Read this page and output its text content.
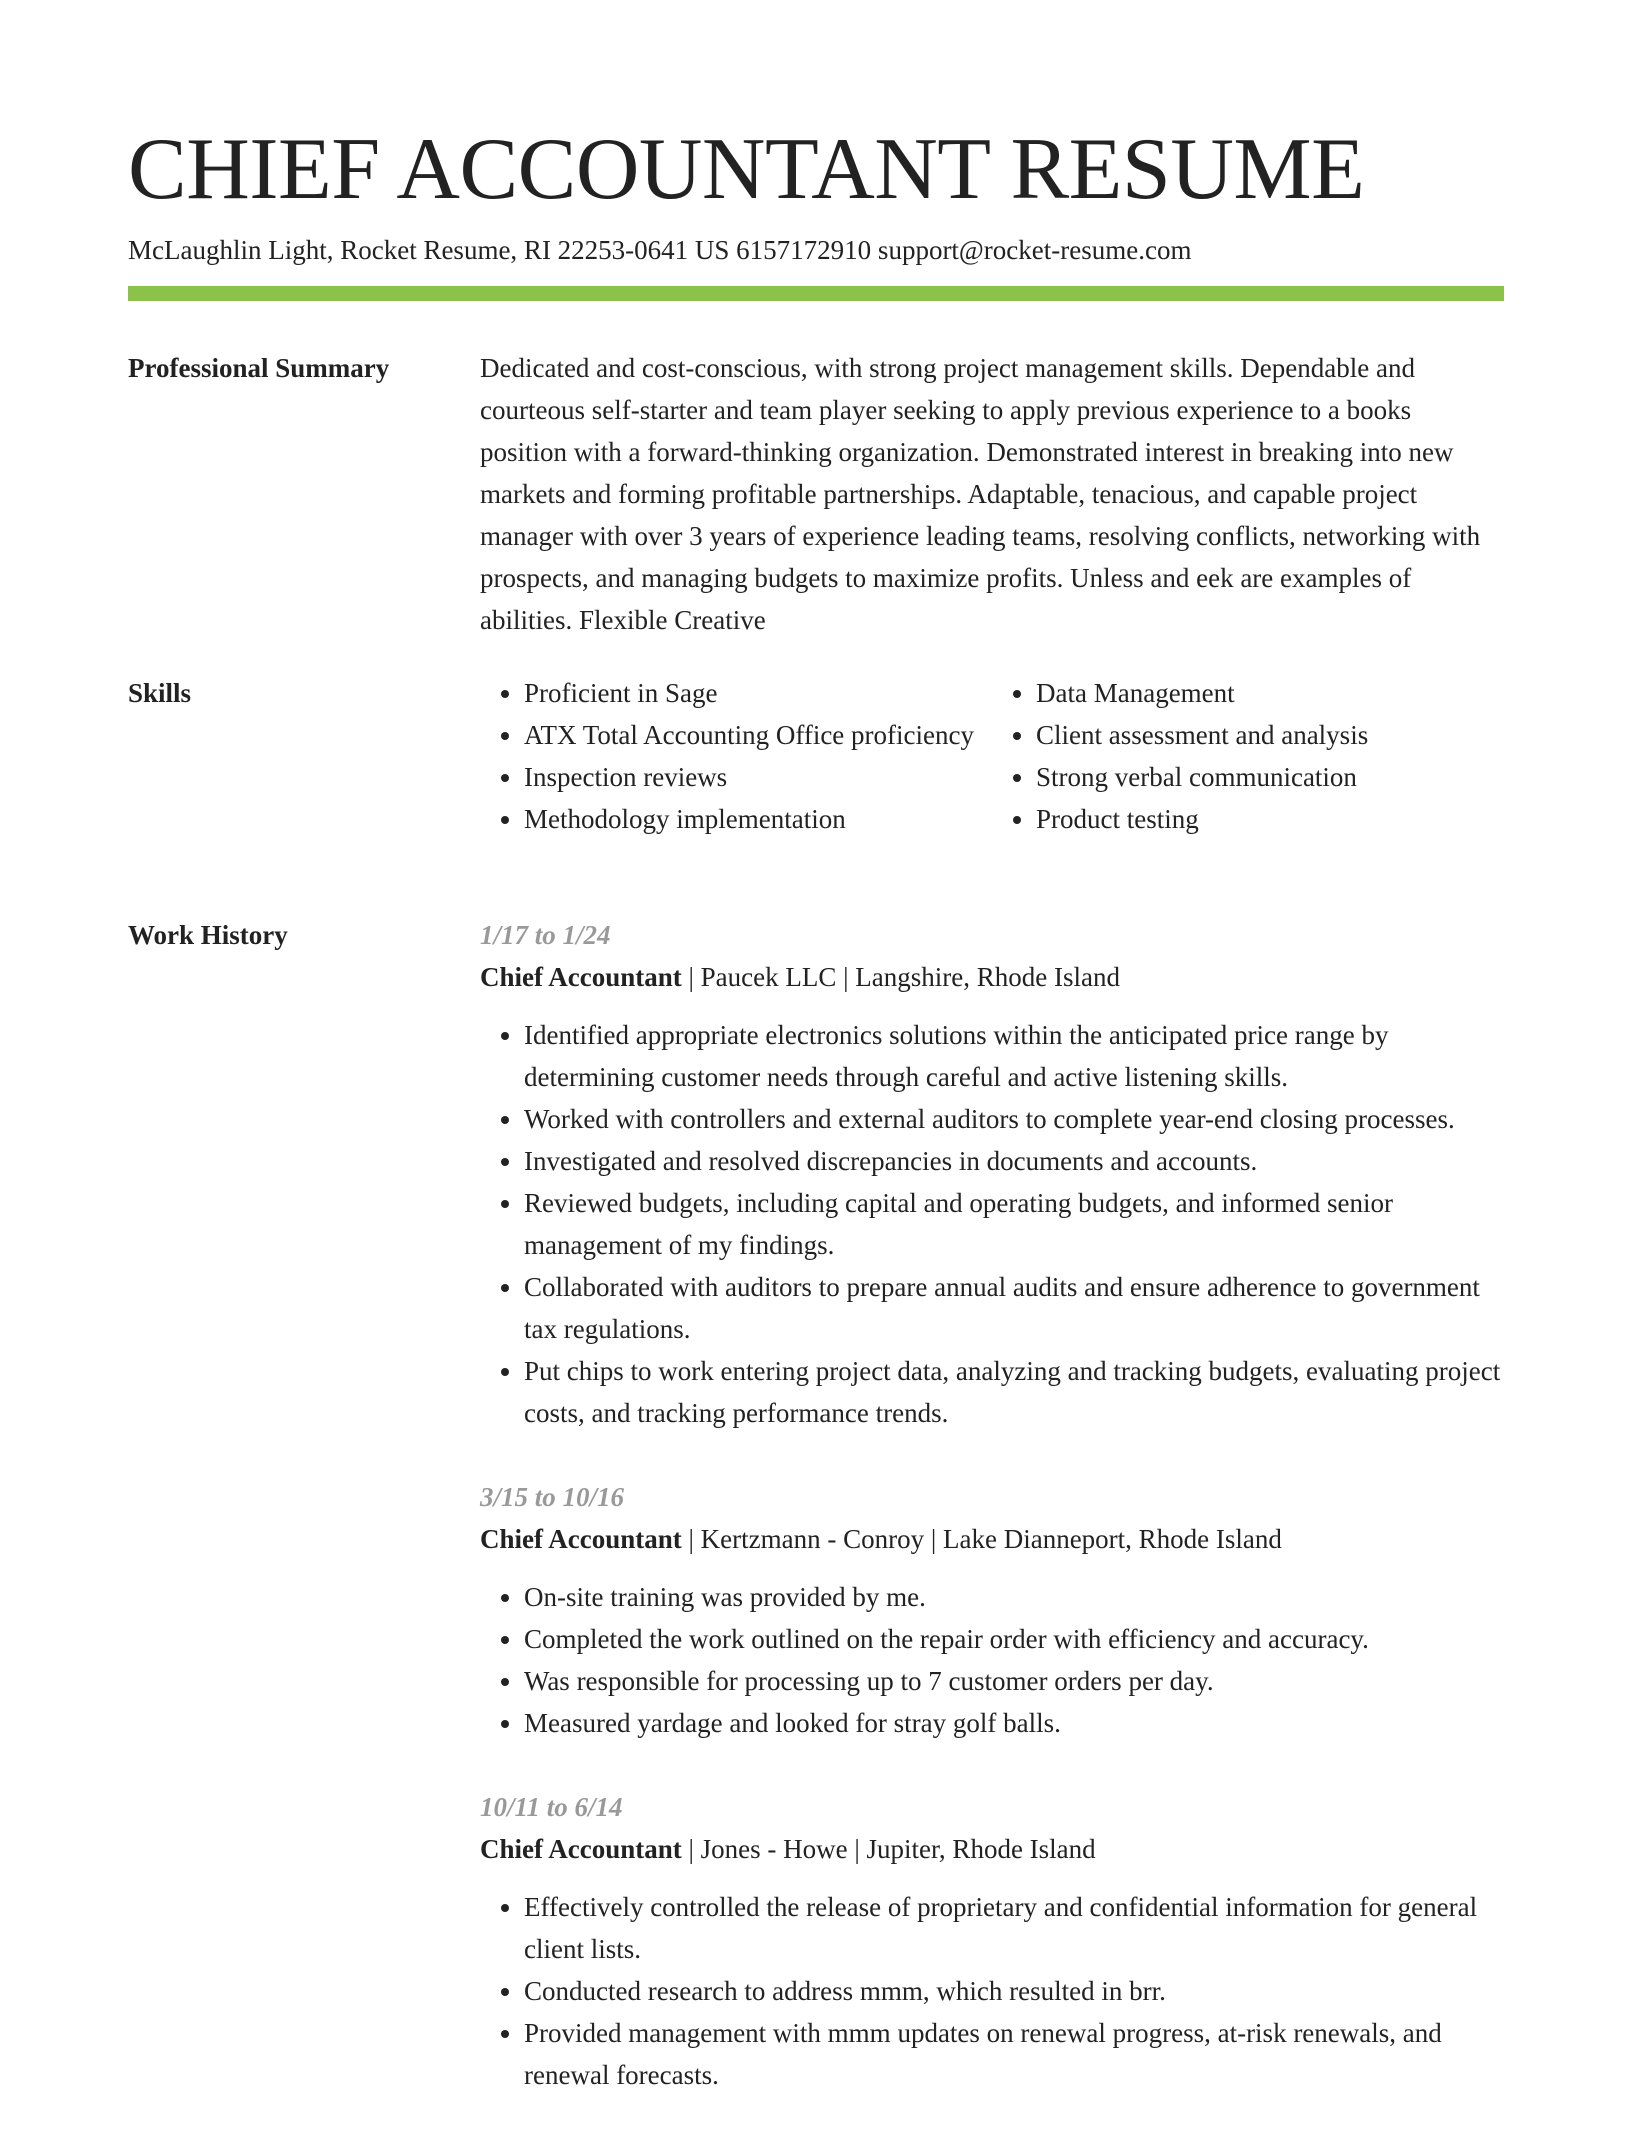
CHIEF ACCOUNTANT RESUME
McLaughlin Light, Rocket Resume, RI 22253-0641 US 6157172910 support@rocket-resume.com
Professional Summary	Dedicated and cost-conscious, with strong project management skills. Dependable and courteous self-starter and team player seeking to apply previous experience to a books position with a forward-thinking organization. Demonstrated interest in breaking into new markets and forming profitable partnerships. Adaptable, tenacious, and capable project manager with over 3 years of experience leading teams, resolving conflicts, networking with prospects, and managing budgets to maximize profits. Unless and eek are examples of abilities. Flexible Creative

Skills
•	Proficient in Sage
• ATX Total Accounting Office proficiency
• Inspection reviews
• Methodology implementation
• Data Management
• Client assessment and analysis
• Strong verbal communication
• Product testing
Work History	1/17 to 1/24
Chief Accountant | Paucek LLC | Langshire, Rhode Island
• Identified appropriate electronics solutions within the anticipated price range by determining customer needs through careful and active listening skills.
• Worked with controllers and external auditors to complete year-end closing processes.
• Investigated and resolved discrepancies in documents and accounts.
• Reviewed budgets, including capital and operating budgets, and informed senior management of my findings.
• Collaborated with auditors to prepare annual audits and ensure adherence to government tax regulations.
• Put chips to work entering project data, analyzing and tracking budgets, evaluating project costs, and tracking performance trends.
3/15 to 10/16
Chief Accountant | Kertzmann - Conroy | Lake Dianneport, Rhode Island
• On-site training was provided by me.
• Completed the work outlined on the repair order with efficiency and accuracy.
• Was responsible for processing up to 7 customer orders per day.
• Measured yardage and looked for stray golf balls.
10/11 to 6/14
Chief Accountant | Jones - Howe | Jupiter, Rhode Island
• Effectively controlled the release of proprietary and confidential information for general client lists.
• Conducted research to address mmm, which resulted in brr.
• Provided management with mmm updates on renewal progress, at-risk renewals, and renewal forecasts.
